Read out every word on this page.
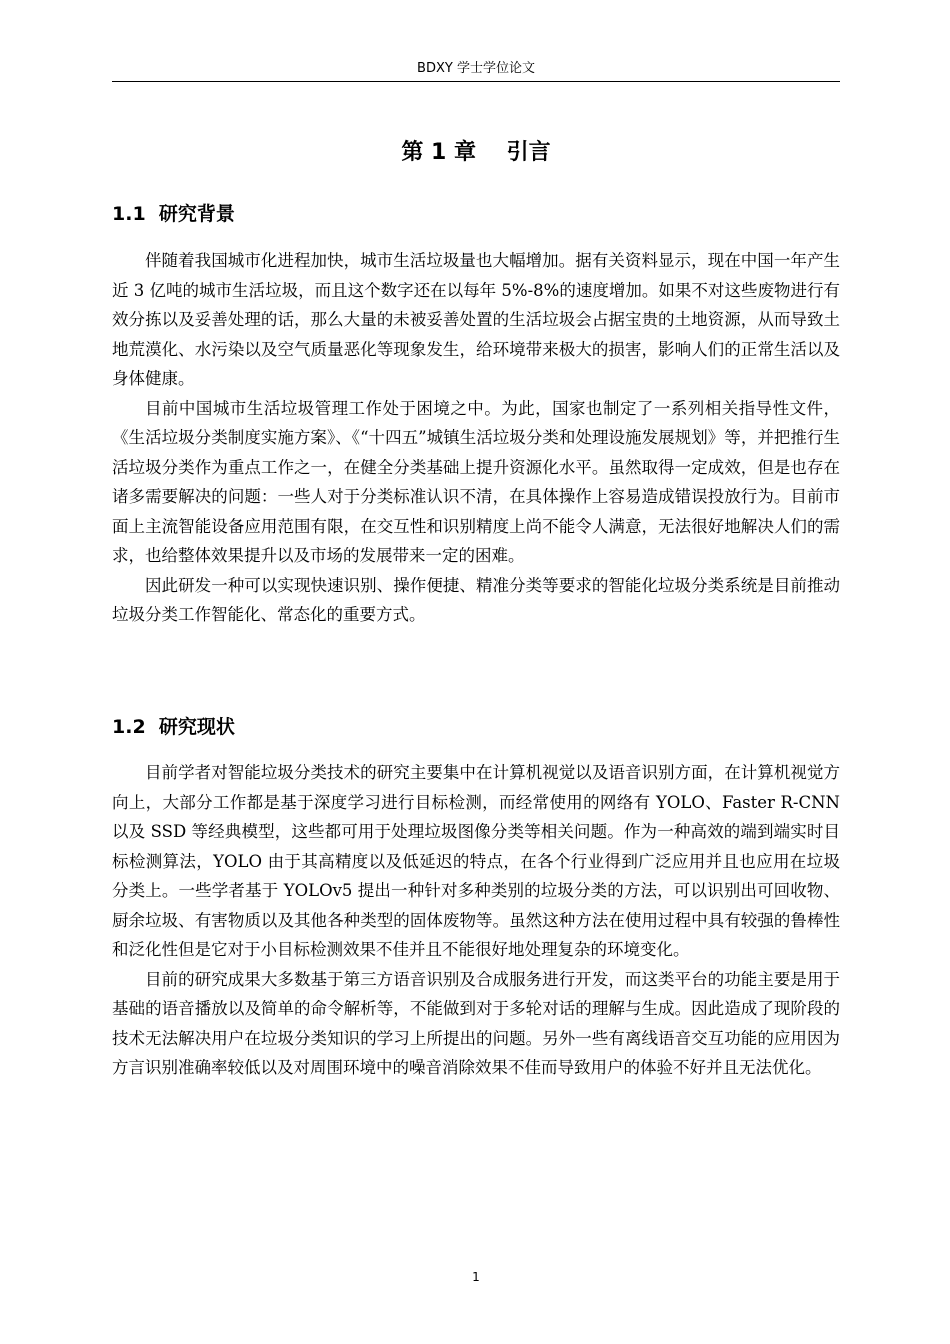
BDXY 学士学位论文
第 1 章    引言
1.1  研究背景

伴随着我国城市化进程加快，城市生活垃圾量也大幅增加。据有关资料显示，现在中国一年产生近 3 亿吨的城市生活垃圾，而且这个数字还在以每年 5%-8%的速度增加。如果不对这些废物进行有效分拣以及妥善处理的话，那么大量的未被妥善处置的生活垃圾会占据宝贵的土地资源，从而导致土地荒漠化、水污染以及空气质量恶化等现象发生，给环境带来极大的损害，影响人们的正常生活以及身体健康。

目前中国城市生活垃圾管理工作处于困境之中。为此，国家也制定了一系列相关指导性文件，《生活垃圾分类制度实施方案》、《“十四五”城镇生活垃圾分类和处理设施发展规划》等，并把推行生活垃圾分类作为重点工作之一，在健全分类基础上提升资源化水平。虽然取得一定成效，但是也存在诸多需要解决的问题：一些人对于分类标准认识不清，在具体操作上容易造成错误投放行为。目前市面上主流智能设备应用范围有限，在交互性和识别精度上尚不能令人满意，无法很好地解决人们的需求，也给整体效果提升以及市场的发展带来一定的困难。

因此研发一种可以实现快速识别、操作便捷、精准分类等要求的智能化垃圾分类系统是目前推动垃圾分类工作智能化、常态化的重要方式。

1.2  研究现状

目前学者对智能垃圾分类技术的研究主要集中在计算机视觉以及语音识别方面，在计算机视觉方向上，大部分工作都是基于深度学习进行目标检测，而经常使用的网络有 YOLO、Faster R-CNN 以及 SSD 等经典模型，这些都可用于处理垃圾图像分类等相关问题。作为一种高效的端到端实时目标检测算法，YOLO 由于其高精度以及低延迟的特点，在各个行业得到广泛应用并且也应用在垃圾分类上。一些学者基于 YOLOv5 提出一种针对多种类别的垃圾分类的方法，可以识别出可回收物、厨余垃圾、有害物质以及其他各种类型的固体废物等。虽然这种方法在使用过程中具有较强的鲁棒性和泛化性但是它对于小目标检测效果不佳并且不能很好地处理复杂的环境变化。

目前的研究成果大多数基于第三方语音识别及合成服务进行开发，而这类平台的功能主要是用于基础的语音播放以及简单的命令解析等，不能做到对于多轮对话的理解与生成。因此造成了现阶段的技术无法解决用户在垃圾分类知识的学习上所提出的问题。另外一些有离线语音交互功能的应用因为方言识别准确率较低以及对周围环境中的噪音消除效果不佳而导致用户的体验不好并且无法优化。

1
